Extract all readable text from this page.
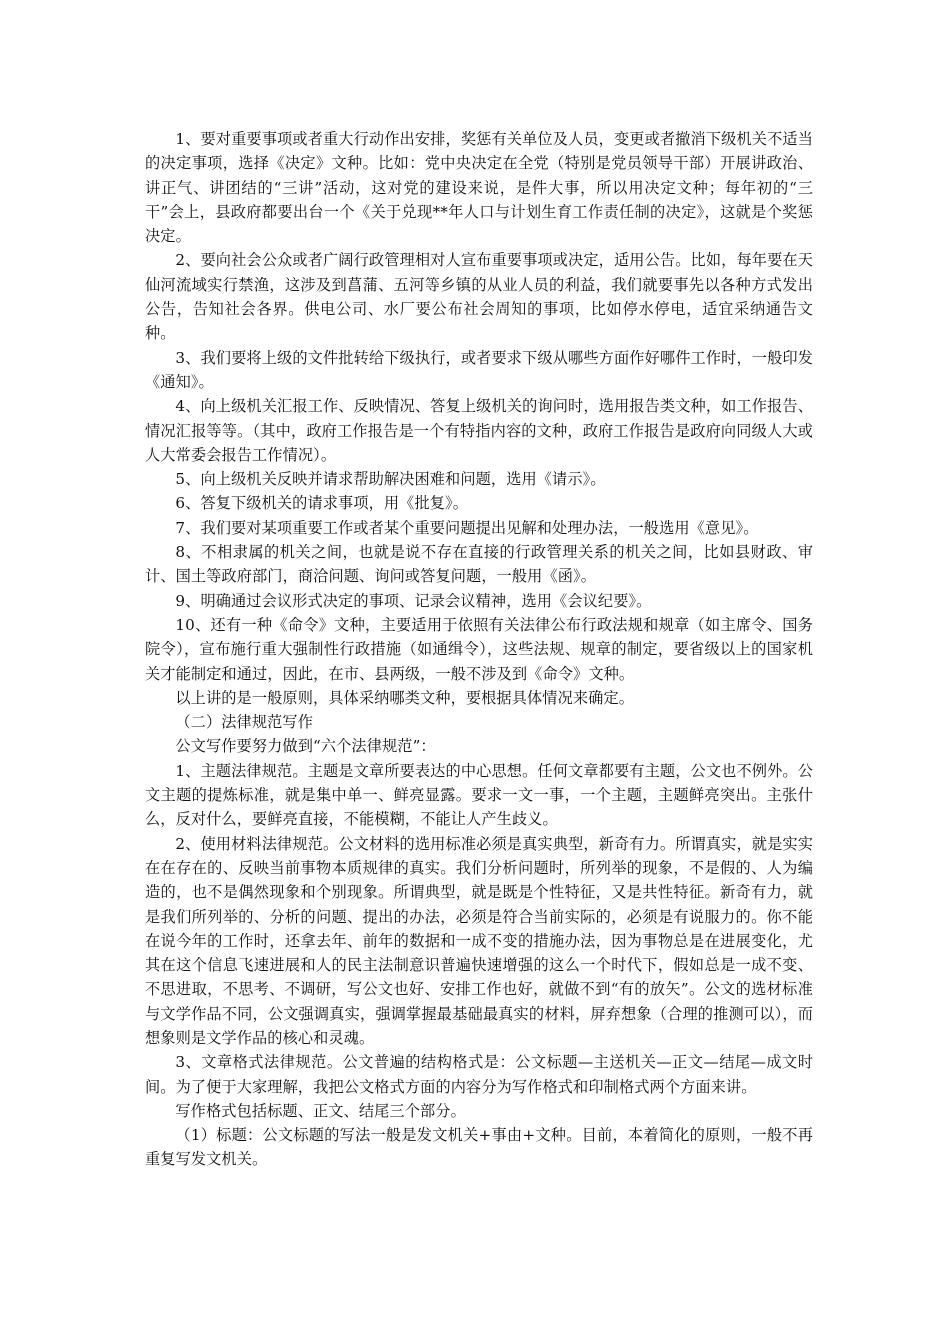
1、要对重要事项或者重大行动作出安排，奖惩有关单位及人员，变更或者撤消下级机关不适当的决定事项，选择《决定》文种。比如：党中央决定在全党（特别是党员领导干部）开展讲政治、讲正气、讲团结的“三讲”活动，这对党的建设来说，是件大事，所以用决定文种；每年初的“三干”会上，县政府都要出台一个《关于兑现**年人口与计划生育工作责任制的决定》，这就是个奖惩决定。

2、要向社会公众或者广阔行政管理相对人宣布重要事项或决定，适用公告。比如，每年要在天仙河流域实行禁渔，这涉及到菖蒲、五河等乡镇的从业人员的利益，我们就要事先以各种方式发出公告，告知社会各界。供电公司、水厂要公布社会周知的事项，比如停水停电，适宜采纳通告文种。

3、我们要将上级的文件批转给下级执行，或者要求下级从哪些方面作好哪件工作时，一般印发《通知》。

4、向上级机关汇报工作、反映情况、答复上级机关的询问时，选用报告类文种，如工作报告、情况汇报等等。（其中，政府工作报告是一个有特指内容的文种，政府工作报告是政府向同级人大或人大常委会报告工作情况）。

5、向上级机关反映并请求帮助解决困难和问题，选用《请示》。

6、答复下级机关的请求事项，用《批复》。

7、我们要对某项重要工作或者某个重要问题提出见解和处理办法，一般选用《意见》。

8、不相隶属的机关之间，也就是说不存在直接的行政管理关系的机关之间，比如县财政、审计、国土等政府部门，商洽问题、询问或答复问题，一般用《函》。

9、明确通过会议形式决定的事项、记录会议精神，选用《会议纪要》。

10、还有一种《命令》文种，主要适用于依照有关法律公布行政法规和规章（如主席令、国务院令），宣布施行重大强制性行政措施（如通缉令），这些法规、规章的制定，要省级以上的国家机关才能制定和通过，因此，在市、县两级，一般不涉及到《命令》文种。

以上讲的是一般原则，具体采纳哪类文种，要根据具体情况来确定。

（二）法律规范写作

公文写作要努力做到“六个法律规范”：

1、主题法律规范。主题是文章所要表达的中心思想。任何文章都要有主题，公文也不例外。公文主题的提炼标准，就是集中单一、鲜亮显露。要求一文一事，一个主题，主题鲜亮突出。主张什么，反对什么，要鲜亮直接，不能模糊，不能让人产生歧义。

2、使用材料法律规范。公文材料的选用标准必须是真实典型，新奇有力。所谓真实，就是实实在在存在的、反映当前事物本质规律的真实。我们分析问题时，所列举的现象，不是假的、人为编造的，也不是偶然现象和个别现象。所谓典型，就是既是个性特征，又是共性特征。新奇有力，就是我们所列举的、分析的问题、提出的办法，必须是符合当前实际的，必须是有说服力的。你不能在说今年的工作时，还拿去年、前年的数据和一成不变的措施办法，因为事物总是在进展变化，尤其在这个信息飞速进展和人的民主法制意识普遍快速增强的这么一个时代下，假如总是一成不变、不思进取，不思考、不调研，写公文也好、安排工作也好，就做不到“有的放矢”。公文的选材标准与文学作品不同，公文强调真实，强调掌握最基础最真实的材料，屏弃想象（合理的推测可以），而想象则是文学作品的核心和灵魂。

3、文章格式法律规范。公文普遍的结构格式是：公文标题—主送机关—正文—结尾—成文时间。为了便于大家理解，我把公文格式方面的内容分为写作格式和印制格式两个方面来讲。

写作格式包括标题、正文、结尾三个部分。

（1）标题：公文标题的写法一般是发文机关+事由+文种。目前，本着简化的原则，一般不再重复写发文机关。
